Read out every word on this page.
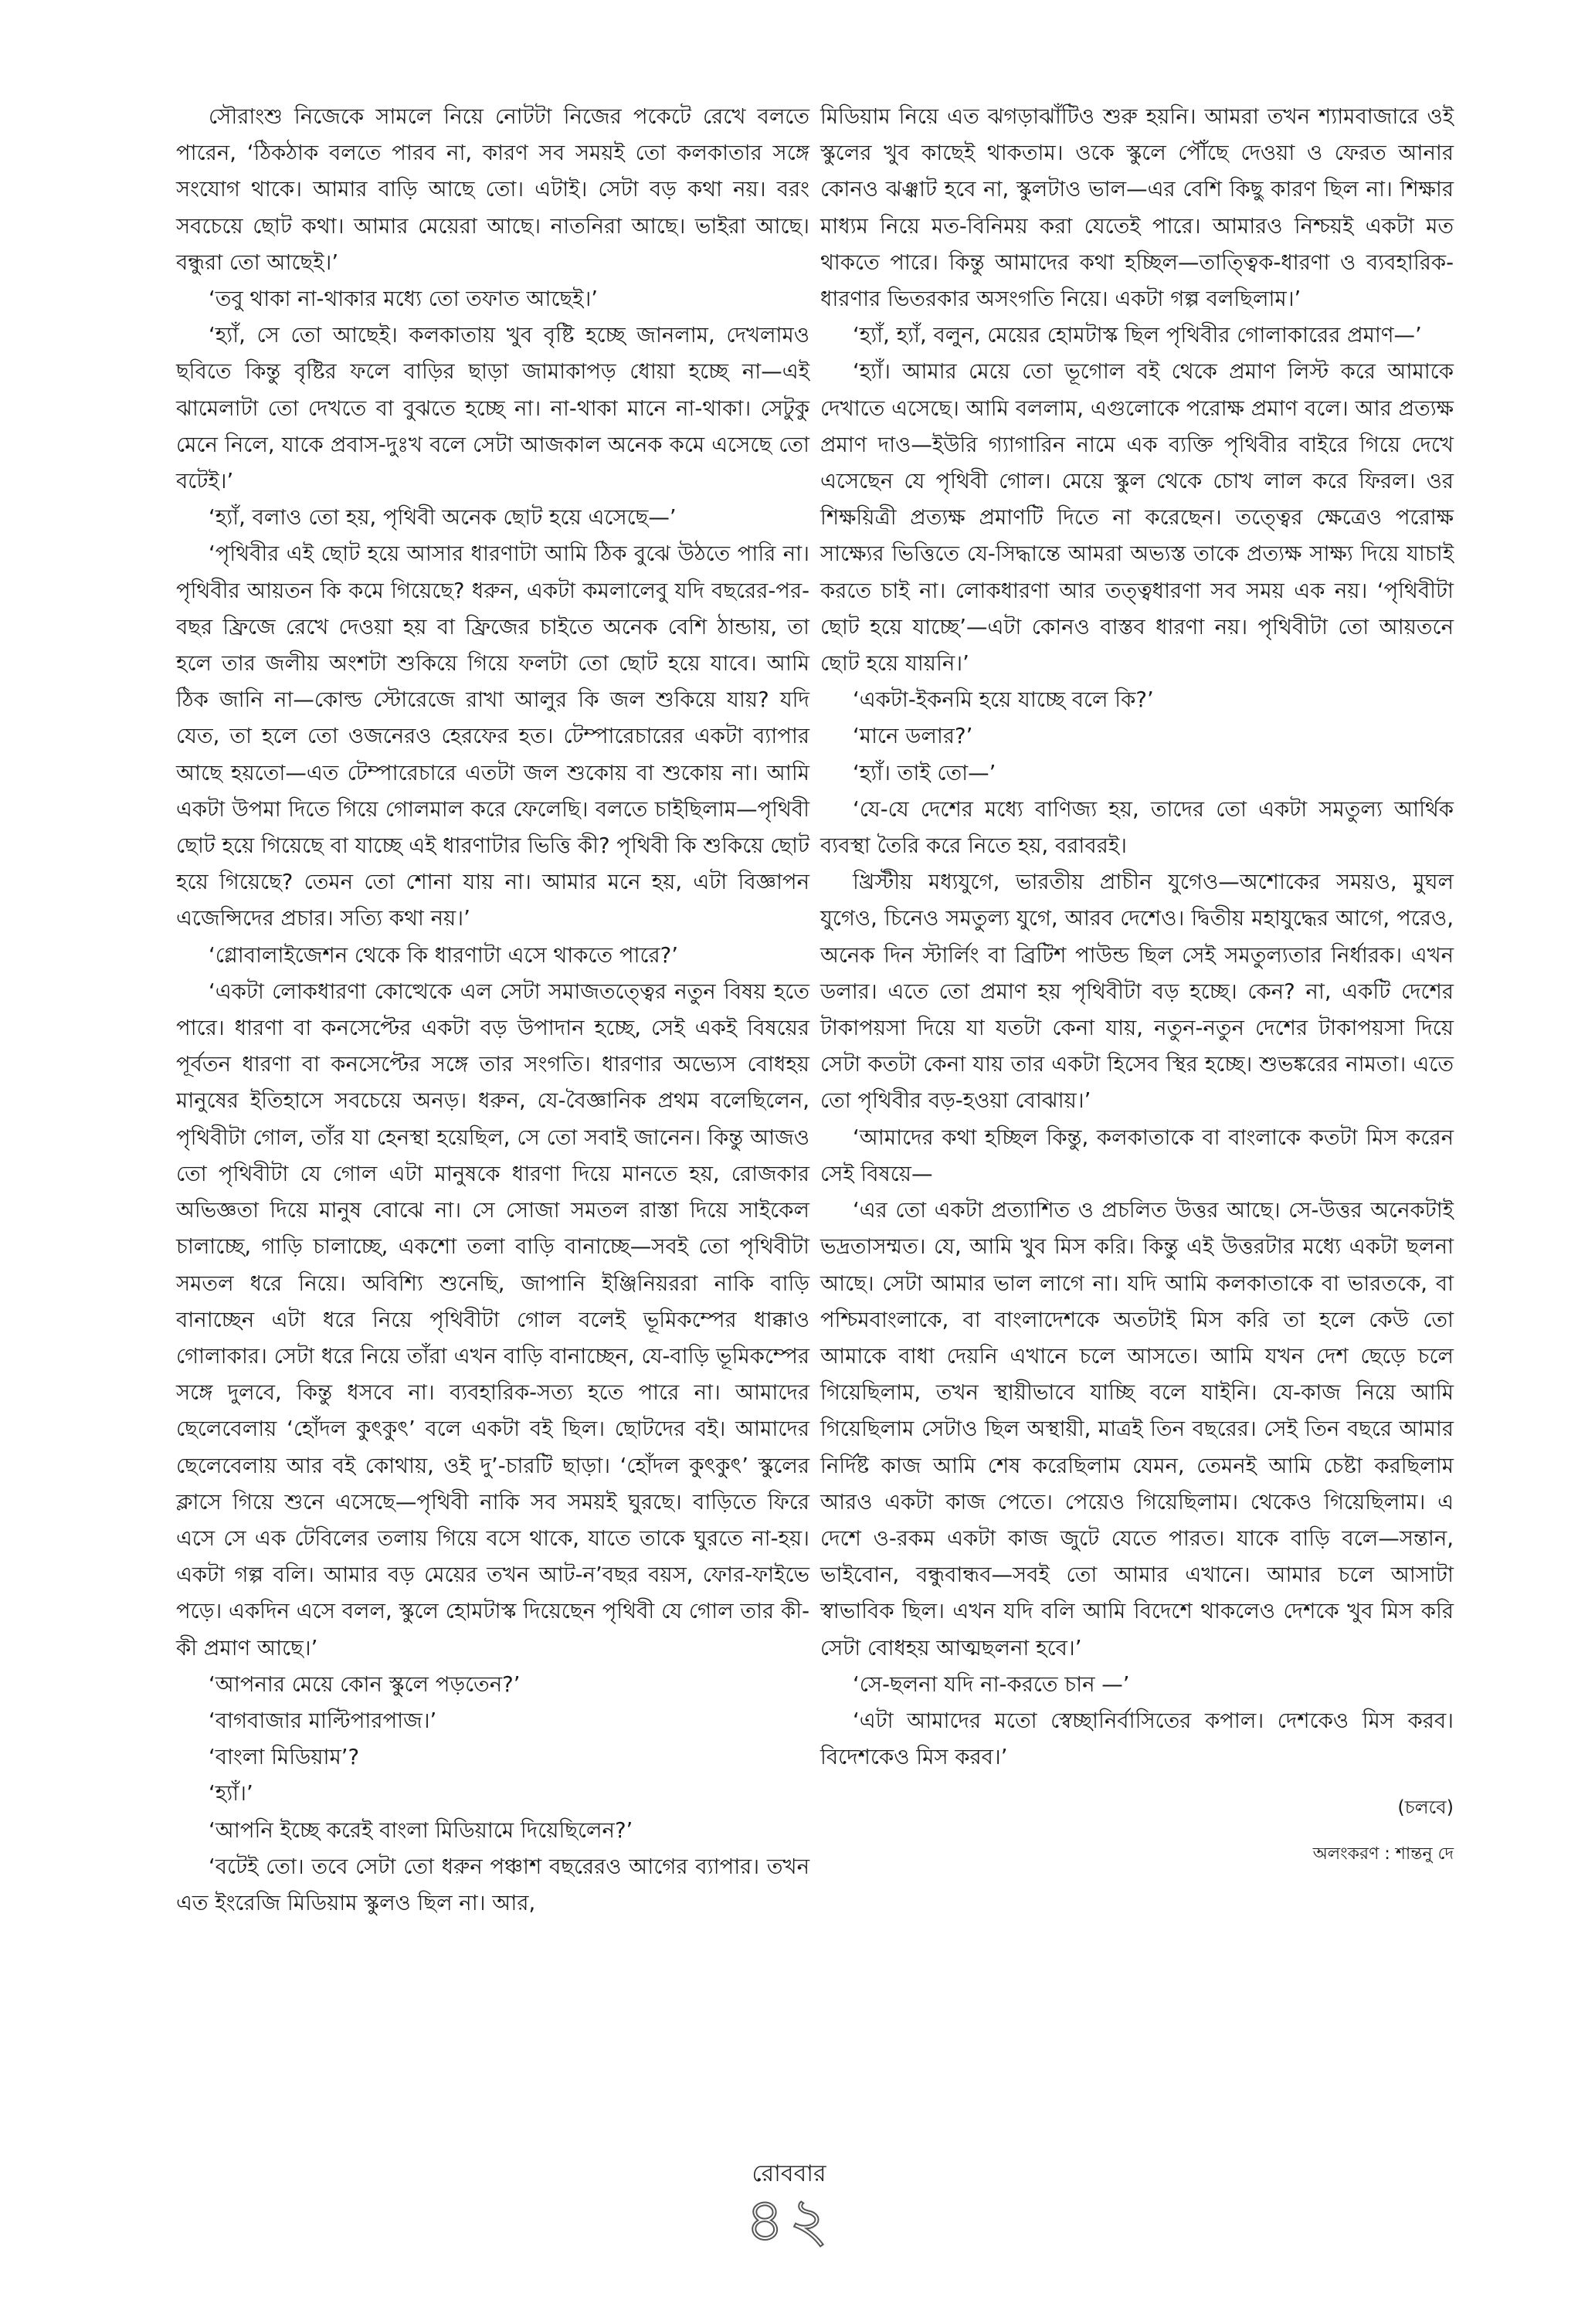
সৌরাংশু নিজেকে সামলে নিয়ে নোটটা নিজের পকেটে রেখে বলতে পারেন, ‘ঠিকঠাক বলতে পারব না, কারণ সব সময়ই তো কলকাতার সঙ্গে সংযোগ থাকে। আমার বাড়ি আছে তো। এটাই। সেটা বড় কথা নয়। বরং সবচেয়ে ছোট কথা। আমার মেয়েরা আছে। নাতনিরা আছে। ভাইরা আছে। বন্ধুরা তো আছেই।’

‘তবু থাকা না-থাকার মধ্যে তো তফাত আছেই।’

‘হ্যাঁ, সে তো আছেই। কলকাতায় খুব বৃষ্টি হচ্ছে জানলাম, দেখলামও ছবিতে কিন্তু বৃষ্টির ফলে বাড়ির ছাড়া জামাকাপড় ধোয়া হচ্ছে না—এই ঝামেলাটা তো দেখতে বা বুঝতে হচ্ছে না। না-থাকা মানে না-থাকা। সেটুকু মেনে নিলে, যাকে প্রবাস-দুঃখ বলে সেটা আজকাল অনেক কমে এসেছে তো বটেই।’

‘হ্যাঁ, বলাও তো হয়, পৃথিবী অনেক ছোট হয়ে এসেছে—’

‘পৃথিবীর এই ছোট হয়ে আসার ধারণাটা আমি ঠিক বুঝে উঠতে পারি না। পৃথিবীর আয়তন কি কমে গিয়েছে? ধরুন, একটা কমলালেবু যদি বছরের-পর-বছর ফ্রিজে রেখে দেওয়া হয় বা ফ্রিজের চাইতে অনেক বেশি ঠান্ডায়, তা হলে তার জলীয় অংশটা শুকিয়ে গিয়ে ফলটা তো ছোট হয়ে যাবে। আমি ঠিক জানি না—কোল্ড স্টোরেজে রাখা আলুর কি জল শুকিয়ে যায়? যদি যেত, তা হলে তো ওজনেরও হেরফের হত। টেম্পারেচারের একটা ব্যাপার আছে হয়তো—এত টেম্পারেচারে এতটা জল শুকোয় বা শুকোয় না। আমি একটা উপমা দিতে গিয়ে গোলমাল করে ফেলেছি। বলতে চাইছিলাম—পৃথিবী ছোট হয়ে গিয়েছে বা যাচ্ছে এই ধারণাটার ভিত্তি কী? পৃথিবী কি শুকিয়ে ছোট হয়ে গিয়েছে? তেমন তো শোনা যায় না। আমার মনে হয়, এটা বিজ্ঞাপন এজেন্সিদের প্রচার। সত্যি কথা নয়।’

‘গ্লোবালাইজেশন থেকে কি ধারণাটা এসে থাকতে পারে?’

‘একটা লোকধারণা কোত্থেকে এল সেটা সমাজতত্ত্বের নতুন বিষয় হতে পারে। ধারণা বা কনসেপ্টের একটা বড় উপাদান হচ্ছে, সেই একই বিষয়ের পূর্বতন ধারণা বা কনসেপ্টের সঙ্গে তার সংগতি। ধারণার অভ্যেস বোধহয় মানুষের ইতিহাসে সবচেয়ে অনড়। ধরুন, যে-বৈজ্ঞানিক প্রথম বলেছিলেন, পৃথিবীটা গোল, তাঁর যা হেনস্থা হয়েছিল, সে তো সবাই জানেন। কিন্তু আজও তো পৃথিবীটা যে গোল এটা মানুষকে ধারণা দিয়ে মানতে হয়, রোজকার অভিজ্ঞতা দিয়ে মানুষ বোঝে না। সে সোজা সমতল রাস্তা দিয়ে সাইকেল চালাচ্ছে, গাড়ি চালাচ্ছে, একশো তলা বাড়ি বানাচ্ছে—সবই তো পৃথিবীটা সমতল ধরে নিয়ে। অবিশ্যি শুনেছি, জাপানি ইঞ্জিনিয়ররা নাকি বাড়ি বানাচ্ছেন এটা ধরে নিয়ে পৃথিবীটা গোল বলেই ভূমিকম্পের ধাক্কাও গোলাকার। সেটা ধরে নিয়ে তাঁরা এখন বাড়ি বানাচ্ছেন, যে-বাড়ি ভূমিকম্পের সঙ্গে দুলবে, কিন্তু ধসবে না। ব্যবহারিক-সত্য হতে পারে না। আমাদের ছেলেবেলায় ‘হোঁদল কুৎকুৎ’ বলে একটা বই ছিল। ছোটদের বই। আমাদের ছেলেবেলায় আর বই কোথায়, ওই দু’-চারটি ছাড়া। ‘হোঁদল কুৎকুৎ’ স্কুলের ক্লাসে গিয়ে শুনে এসেছে—পৃথিবী নাকি সব সময়ই ঘুরছে। বাড়িতে ফিরে এসে সে এক টেবিলের তলায় গিয়ে বসে থাকে, যাতে তাকে ঘুরতে না-হয়। একটা গল্প বলি। আমার বড় মেয়ের তখন আট-ন’বছর বয়স, ফোর-ফাইভে পড়ে। একদিন এসে বলল, স্কুলে হোমটাস্ক দিয়েছেন পৃথিবী যে গোল তার কী-কী প্রমাণ আছে।’

‘আপনার মেয়ে কোন স্কুলে পড়তেন?’

‘বাগবাজার মাল্টিপারপাজ।’

‘বাংলা মিডিয়াম’?

‘হ্যাঁ।’

‘আপনি ইচ্ছে করেই বাংলা মিডিয়ামে দিয়েছিলেন?’

‘বটেই তো। তবে সেটা তো ধরুন পঞ্চাশ বছরেরও আগের ব্যাপার। তখন এত ইংরেজি মিডিয়াম স্কুলও ছিল না। আর,

মিডিয়াম নিয়ে এত ঝগড়াঝাঁটিও শুরু হয়নি। আমরা তখন শ্যামবাজারে ওই স্কুলের খুব কাছেই থাকতাম। ওকে স্কুলে পৌঁছে দেওয়া ও ফেরত আনার কোনও ঝঞ্ঝাট হবে না, স্কুলটাও ভাল—এর বেশি কিছু কারণ ছিল না। শিক্ষার মাধ্যম নিয়ে মত-বিনিময় করা যেতেই পারে। আমারও নিশ্চয়ই একটা মত থাকতে পারে। কিন্তু আমাদের কথা হচ্ছিল—তাত্ত্বিক-ধারণা ও ব্যবহারিক-ধারণার ভিতরকার অসংগতি নিয়ে। একটা গল্প বলছিলাম।’

‘হ্যাঁ, হ্যাঁ, বলুন, মেয়ের হোমটাস্ক ছিল পৃথিবীর গোলাকারের প্রমাণ—’

‘হ্যাঁ। আমার মেয়ে তো ভূগোল বই থেকে প্রমাণ লিস্ট করে আমাকে দেখাতে এসেছে। আমি বললাম, এগুলোকে পরোক্ষ প্রমাণ বলে। আর প্রত্যক্ষ প্রমাণ দাও—ইউরি গ্যাগারিন নামে এক ব্যক্তি পৃথিবীর বাইরে গিয়ে দেখে এসেছেন যে পৃথিবী গোল। মেয়ে স্কুল থেকে চোখ লাল করে ফিরল। ওর শিক্ষয়িত্রী প্রত্যক্ষ প্রমাণটি দিতে না করেছেন। তত্ত্বের ক্ষেত্রেও পরোক্ষ সাক্ষ্যের ভিত্তিতে যে-সিদ্ধান্তে আমরা অভ্যস্ত তাকে প্রত্যক্ষ সাক্ষ্য দিয়ে যাচাই করতে চাই না। লোকধারণা আর তত্ত্বধারণা সব সময় এক নয়। ‘পৃথিবীটা ছোট হয়ে যাচ্ছে’—এটা কোনও বাস্তব ধারণা নয়। পৃথিবীটা তো আয়তনে ছোট হয়ে যায়নি।’

‘একটা-ইকনমি হয়ে যাচ্ছে বলে কি?’

‘মানে ডলার?’

‘হ্যাঁ। তাই তো—’

‘যে-যে দেশের মধ্যে বাণিজ্য হয়, তাদের তো একটা সমতুল্য আর্থিক ব্যবস্থা তৈরি করে নিতে হয়, বরাবরই।

খ্রিস্টীয় মধ্যযুগে, ভারতীয় প্রাচীন যুগেও—অশোকের সময়ও, মুঘল যুগেও, চিনেও সমতুল্য যুগে, আরব দেশেও। দ্বিতীয় মহাযুদ্ধের আগে, পরেও, অনেক দিন স্টার্লিং বা ব্রিটিশ পাউন্ড ছিল সেই সমতুল্যতার নির্ধারক। এখন ডলার। এতে তো প্রমাণ হয় পৃথিবীটা বড় হচ্ছে। কেন? না, একটি দেশের টাকাপয়সা দিয়ে যা যতটা কেনা যায়, নতুন-নতুন দেশের টাকাপয়সা দিয়ে সেটা কতটা কেনা যায় তার একটা হিসেব স্থির হচ্ছে। শুভঙ্করের নামতা। এতে তো পৃথিবীর বড়-হওয়া বোঝায়।’

‘আমাদের কথা হচ্ছিল কিন্তু, কলকাতাকে বা বাংলাকে কতটা মিস করেন সেই বিষয়ে—

‘এর তো একটা প্রত্যাশিত ও প্রচলিত উত্তর আছে। সে-উত্তর অনেকটাই ভদ্রতাসম্মত। যে, আমি খুব মিস করি। কিন্তু এই উত্তরটার মধ্যে একটা ছলনা আছে। সেটা আমার ভাল লাগে না। যদি আমি কলকাতাকে বা ভারতকে, বা পশ্চিমবাংলাকে, বা বাংলাদেশকে অতটাই মিস করি তা হলে কেউ তো আমাকে বাধা দেয়নি এখানে চলে আসতে। আমি যখন দেশ ছেড়ে চলে গিয়েছিলাম, তখন স্থায়ীভাবে যাচ্ছি বলে যাইনি। যে-কাজ নিয়ে আমি গিয়েছিলাম সেটাও ছিল অস্থায়ী, মাত্রই তিন বছরের। সেই তিন বছরে আমার নির্দিষ্ট কাজ আমি শেষ করেছিলাম যেমন, তেমনই আমি চেষ্টা করছিলাম আরও একটা কাজ পেতে। পেয়েও গিয়েছিলাম। থেকেও গিয়েছিলাম। এ দেশে ও-রকম একটা কাজ জুটে যেতে পারত। যাকে বাড়ি বলে—সন্তান, ভাইবোন, বন্ধুবান্ধব—সবই তো আমার এখানে। আমার চলে আসাটা স্বাভাবিক ছিল। এখন যদি বলি আমি বিদেশে থাকলেও দেশকে খুব মিস করি সেটা বোধহয় আত্মছলনা হবে।’

‘সে-ছলনা যদি না-করতে চান —’

‘এটা আমাদের মতো স্বেচ্ছানির্বাসিতের কপাল। দেশকেও মিস করব। বিদেশকেও মিস করব।’

(চলবে)

অলংকরণ : শান্তনু দে

রোববার
৪২
